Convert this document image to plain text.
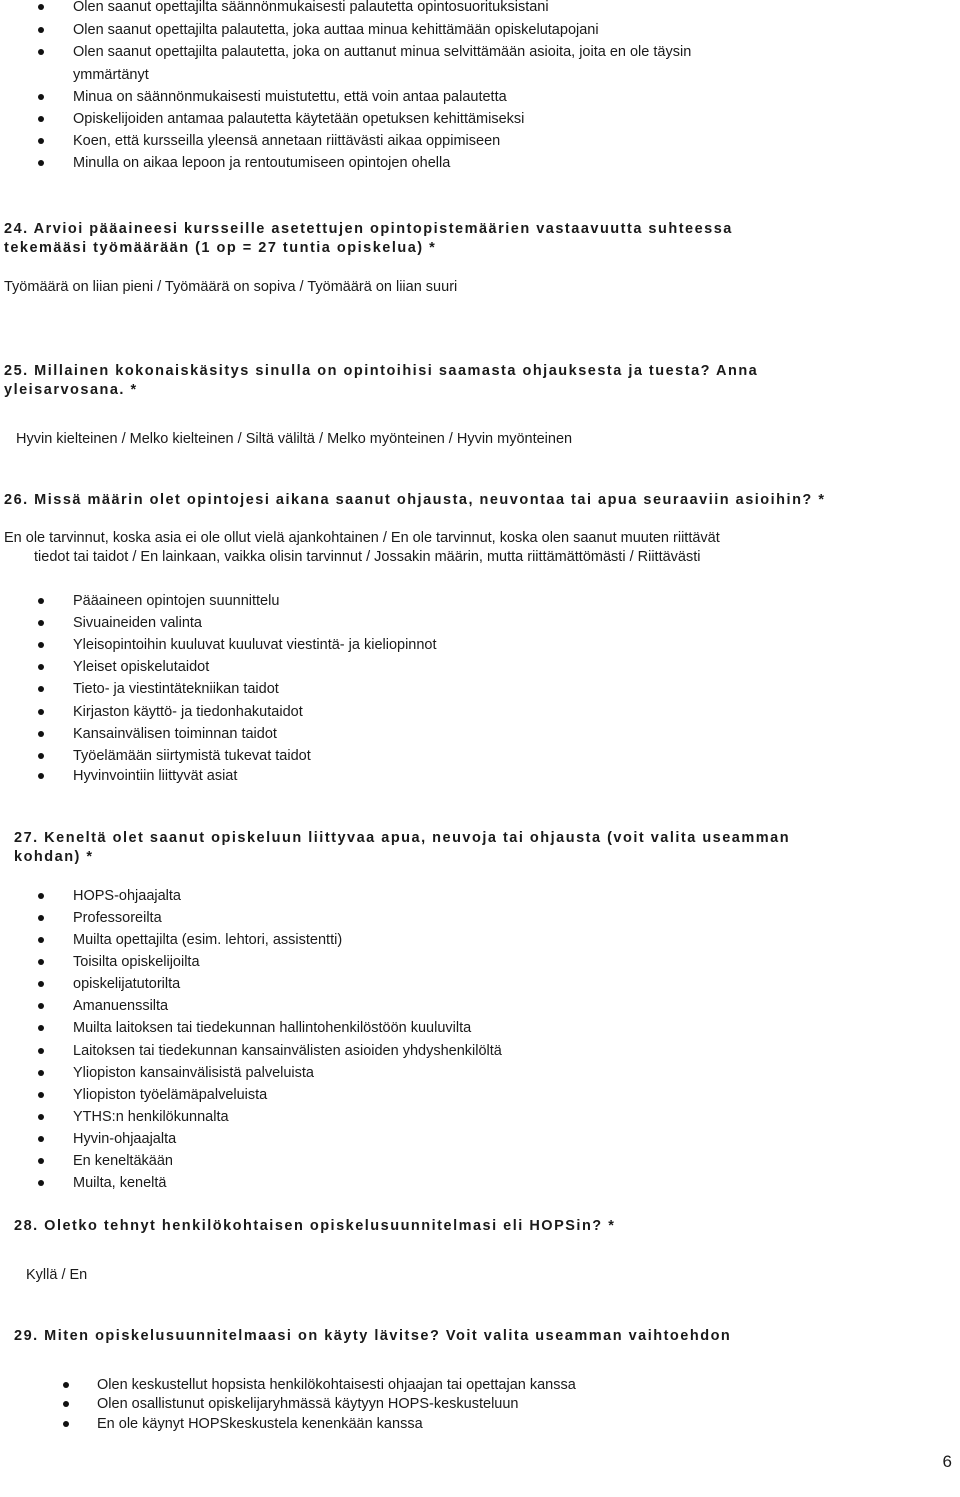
Olen saanut opettajilta säännönmukaisesti palautetta opintosuorituksistani
Olen saanut opettajilta palautetta, joka auttaa minua kehittämään opiskelutapojani
Olen saanut opettajilta palautetta, joka on auttanut minua selvittämään asioita, joita en ole täysin
ymmärtänyt
Minua on säännönmukaisesti muistutettu, että voin antaa palautetta
Opiskelijoiden antamaa palautetta käytetään opetuksen kehittämiseksi
Koen, että kursseilla yleensä annetaan riittävästi aikaa oppimiseen
Minulla on aikaa lepoon ja rentoutumiseen opintojen ohella
24. Arvioi pääaineesi kursseille asetettujen opintopistemäärien vastaavuutta suhteessa
tekemääsi työmäärään (1 op = 27 tuntia opiskelua) *
Työmäärä on liian pieni / Työmäärä on sopiva / Työmäärä on liian suuri
25. Millainen kokonaiskäsitys sinulla on opintoihisi saamasta ohjauksesta ja tuesta? Anna
yleisarvosana. *
Hyvin kielteinen / Melko kielteinen / Siltä väliltä / Melko myönteinen / Hyvin myönteinen
26. Missä määrin olet opintojesi aikana saanut ohjausta, neuvontaa tai apua seuraaviin asioihin? *
En ole tarvinnut, koska asia ei ole ollut vielä ajankohtainen / En ole tarvinnut, koska olen saanut muuten riittävät
tiedot tai taidot / En lainkaan, vaikka olisin tarvinnut / Jossakin määrin, mutta riittämättömästi / Riittävästi
Pääaineen opintojen suunnittelu
Sivuaineiden valinta
Yleisopintoihin kuuluvat kuuluvat viestintä- ja kieliopinnot
Yleiset opiskelutaidot
Tieto- ja viestintätekniikan taidot
Kirjaston käyttö- ja tiedonhakutaidot
Kansainvälisen toiminnan taidot
Työelämään siirtymistä tukevat taidot
Hyvinvointiin liittyvät asiat
27. Keneltä olet saanut opiskeluun liittyvaa apua, neuvoja tai ohjausta (voit valita useamman
kohdan) *
HOPS-ohjaajalta
Professoreilta
Muilta opettajilta (esim. lehtori, assistentti)
Toisilta opiskelijoilta
opiskelijatutorilta
Amanuenssilta
Muilta laitoksen tai tiedekunnan hallintohenkilöstöön kuuluvilta
Laitoksen tai tiedekunnan kansainvälisten asioiden yhdyshenkilöltä
Yliopiston kansainvälisistä palveluista
Yliopiston työelämäpalveluista
YTHS:n henkilökunnalta
Hyvin-ohjaajalta
En keneltäkään
Muilta, keneltä
28. Oletko tehnyt henkilökohtaisen opiskelusuunnitelmasi eli HOPSin? *
Kyllä / En
29. Miten opiskelusuunnitelmaasi on käyty lävitse? Voit valita useamman vaihtoehdon
Olen keskustellut hopsista henkilökohtaisesti ohjaajan tai opettajan kanssa
Olen osallistunut opiskelijaryhmässä käytyyn HOPS-keskusteluun
En ole käynyt HOPSkeskustela kenenkään kanssa
6
